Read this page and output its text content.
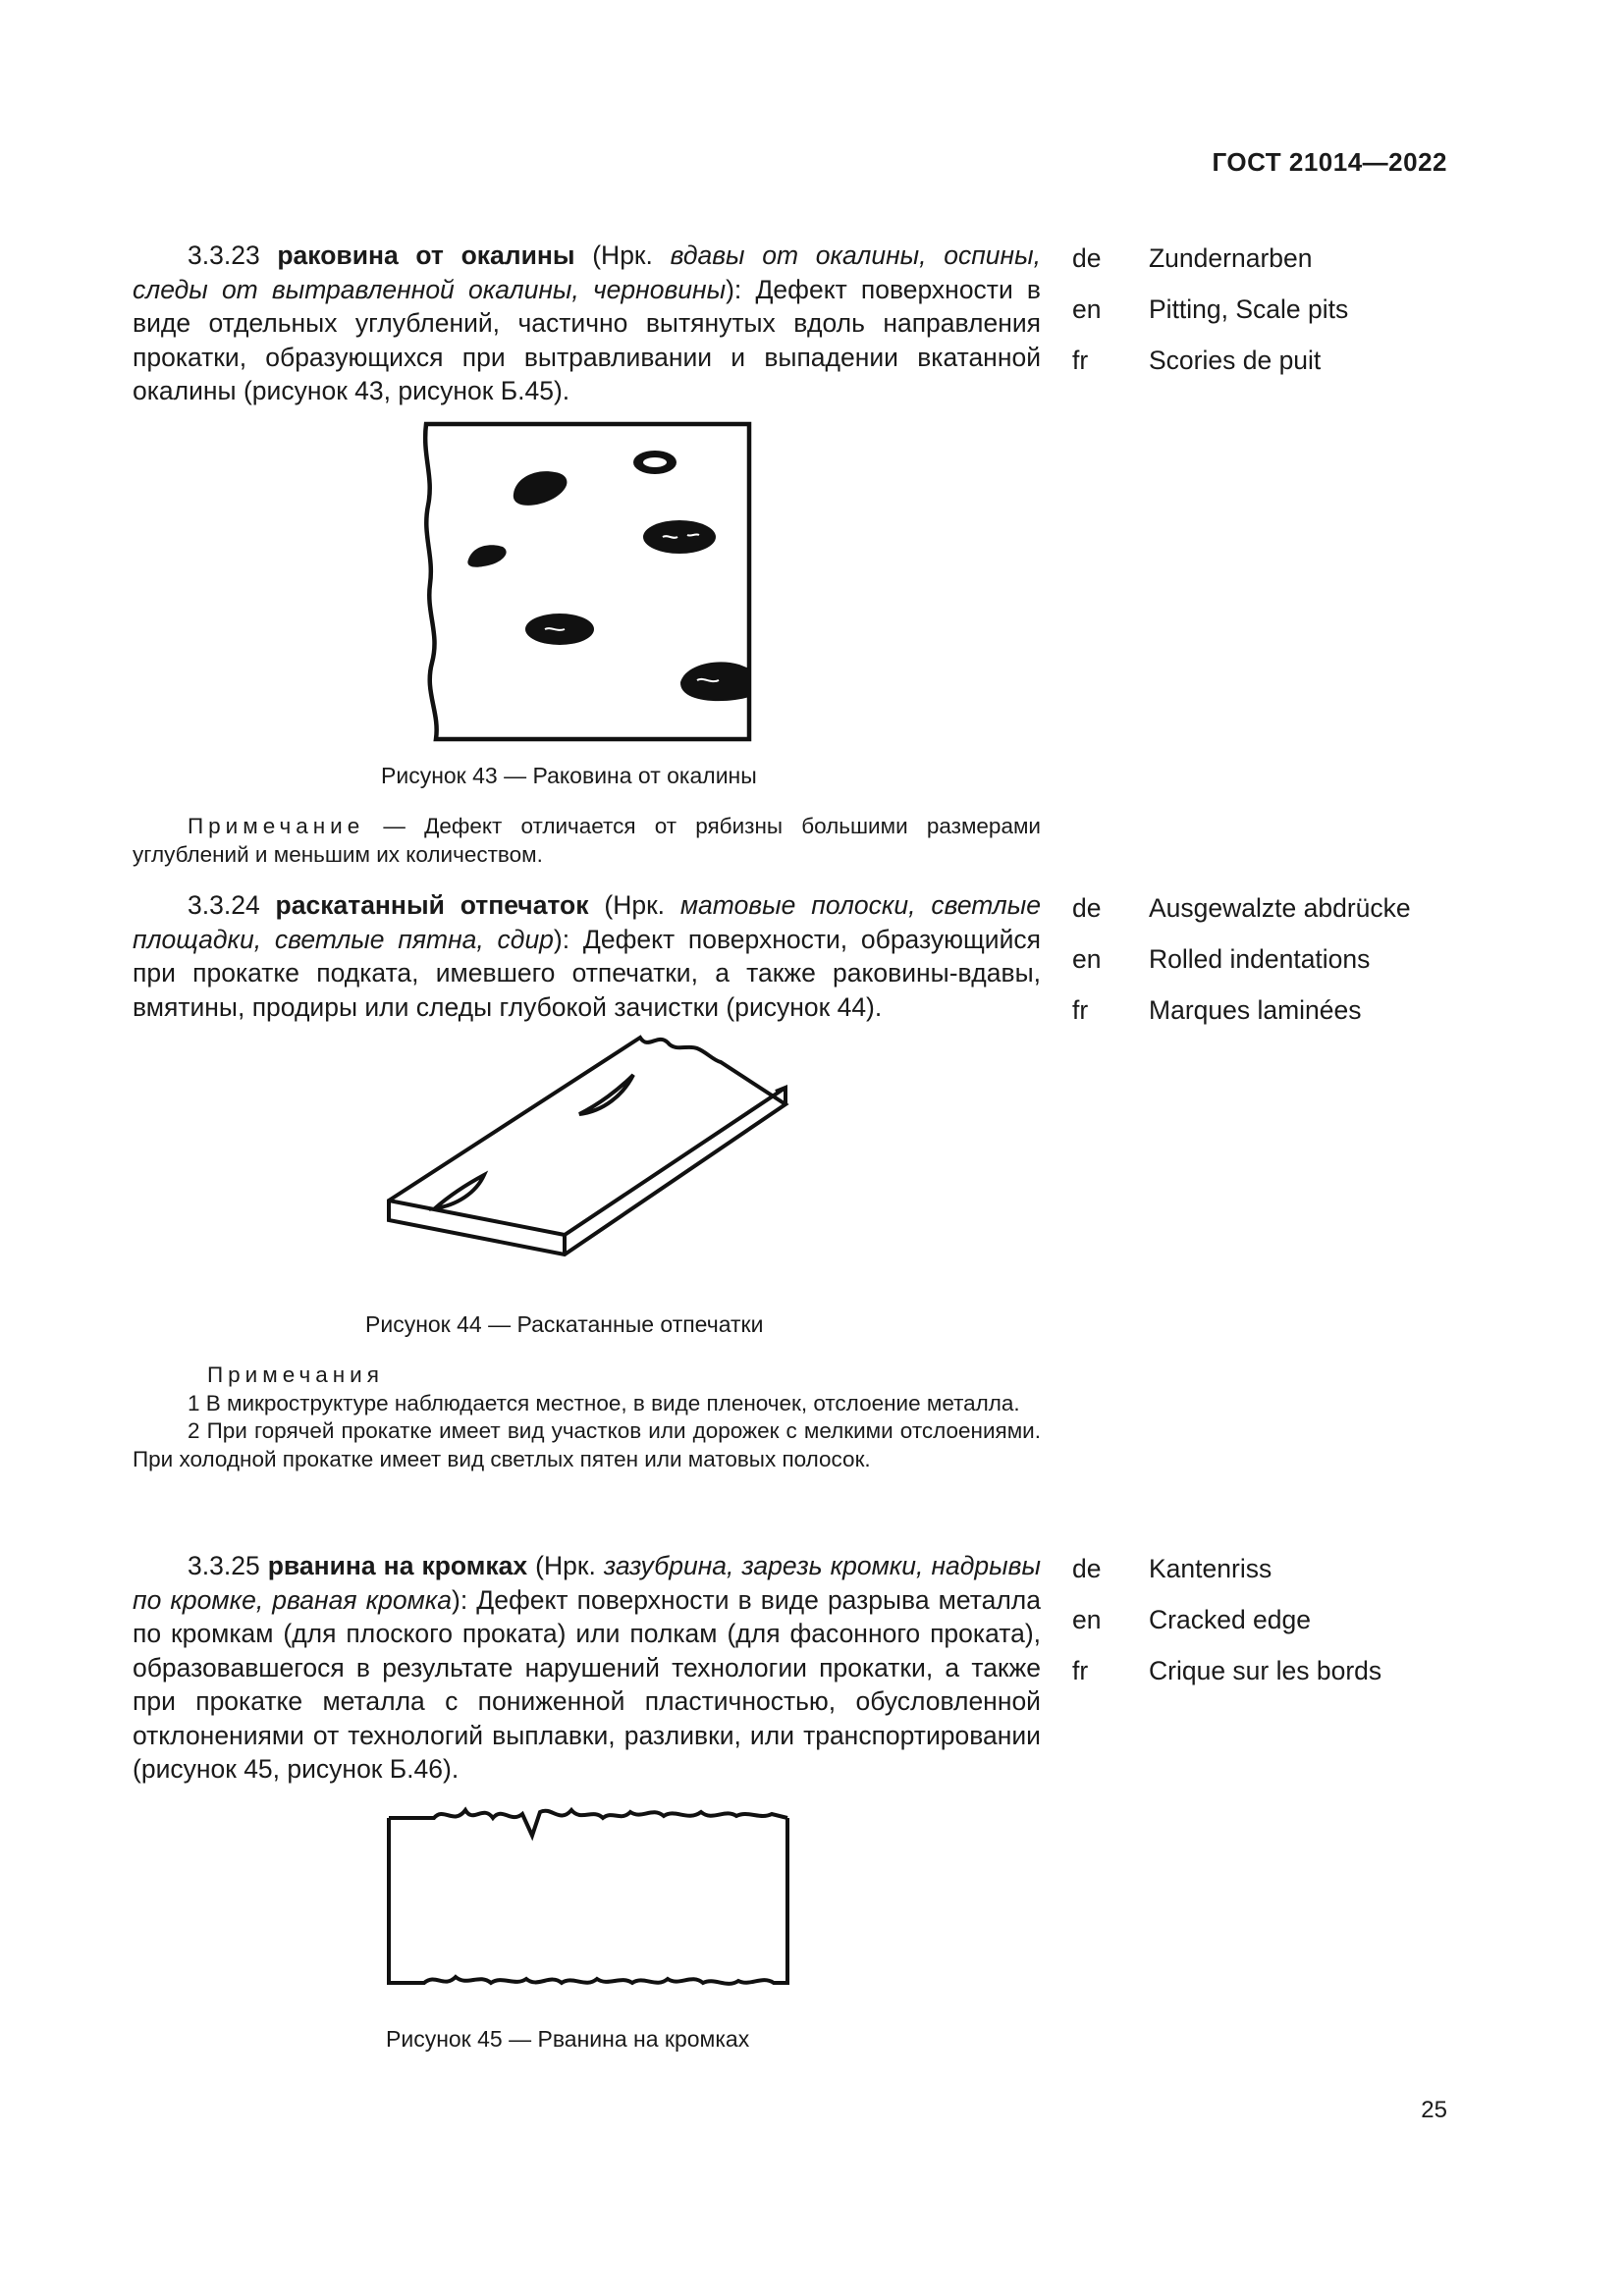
ГОСТ 21014—2022
3.3.23 раковина от окалины (Нрк. вдавы от окалины, оспины, следы от вытравленной окалины, черновины): Дефект поверхности в виде отдельных углублений, частично вытянутых вдоль направления прокатки, образующихся при вытравливании и выпадении вкатанной окалины (рисунок 43, рисунок Б.45).
de	Zundernarben
en	Pitting, Scale pits
fr	Scories de puit
Рисунок 43 — Раковина от окалины
Примечание — Дефект отличается от рябизны большими размерами углублений и меньшим их количеством.
3.3.24 раскатанный отпечаток (Нрк. матовые полоски, светлые площадки, светлые пятна, сдир): Дефект поверхности, образующийся при прокатке подката, имевшего отпечатки, а также раковины-вдавы, вмятины, продиры или следы глубокой зачистки (рисунок 44).
de	Ausgewalzte abdrücke
en	Rolled indentations
fr	Marques laminées
Рисунок 44 — Раскатанные отпечатки
Примечания
1 В микроструктуре наблюдается местное, в виде пленочек, отслоение металла.
2 При горячей прокатке имеет вид участков или дорожек с мелкими отслоениями. При холодной прокатке имеет вид светлых пятен или матовых полосок.
3.3.25 рванина на кромках (Нрк. зазубрина, зарезь кромки, надрывы по кромке, рваная кромка): Дефект поверхности в виде разрыва металла по кромкам (для плоского проката) или полкам (для фасонного проката), образовавшегося в результате нарушений технологии прокатки, а также при прокатке металла с пониженной пластичностью, обусловленной отклонениями от технологий выплавки, разливки, или транспортировании (рисунок 45, рисунок Б.46).
de	Kantenriss
en	Cracked edge
fr	Crique sur les bords
Рисунок 45 — Рванина на кромках
25
